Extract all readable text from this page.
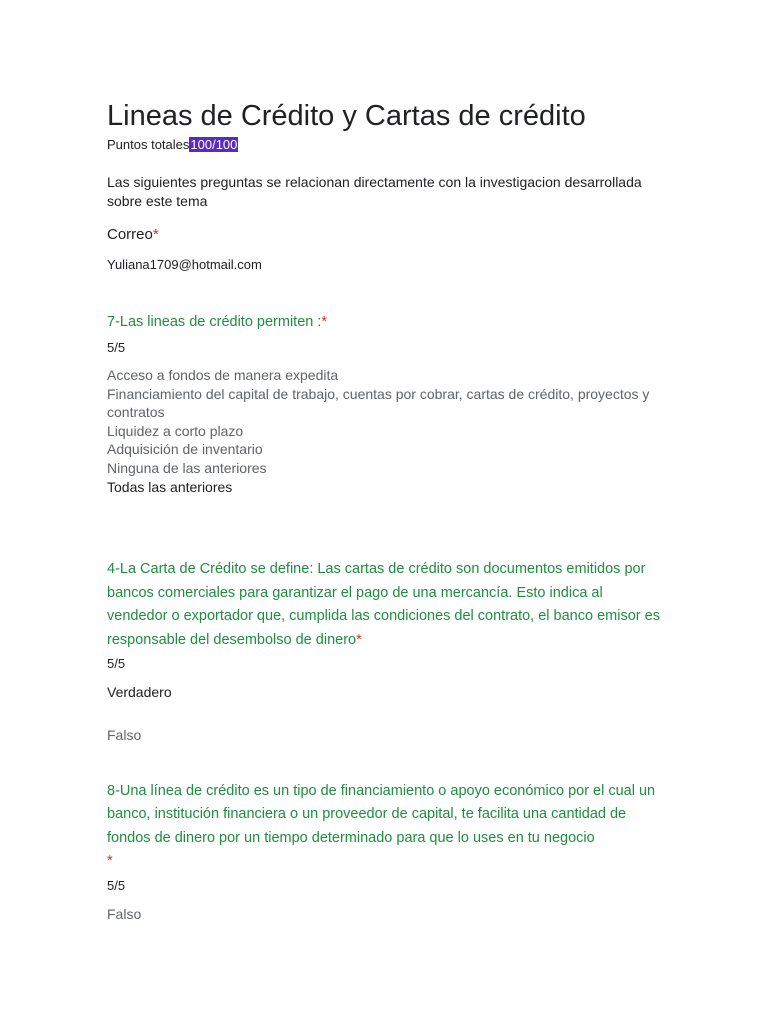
Lineas de Crédito y Cartas de crédito
Puntos totales100/100
Las siguientes preguntas se relacionan directamente con la investigacion desarrollada sobre este tema
Correo*
Yuliana1709@hotmail.com
7-Las lineas de crédito permiten :*
5/5
Acceso a fondos de manera expedita
Financiamiento del capital de trabajo, cuentas por cobrar, cartas de crédito, proyectos y contratos
Liquidez a corto plazo
Adquisición de inventario
Ninguna de las anteriores
Todas las anteriores
4-La Carta de Crédito se define: Las cartas de crédito son documentos emitidos por bancos comerciales para garantizar el pago de una mercancía. Esto indica al vendedor o exportador que, cumplida las condiciones del contrato, el banco emisor es responsable del desembolso de dinero*
5/5
Verdadero
Falso
8-Una línea de crédito es un tipo de financiamiento o apoyo económico por el cual un banco, institución financiera o un proveedor de capital, te facilita una cantidad de fondos de dinero por un tiempo determinado para que lo uses en tu negocio
*
5/5
Falso
